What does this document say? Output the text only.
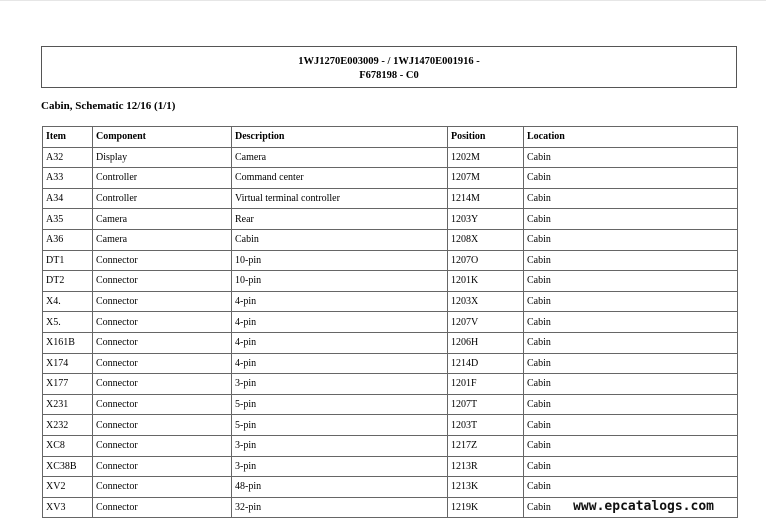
1WJ1270E003009 - / 1WJ1470E001916 -
F678198 - C0
Cabin, Schematic 12/16 (1/1)
Item	Component	Description	Position	Location
A32	Display	Camera	1202M	Cabin
A33	Controller	Command center	1207M	Cabin
A34	Controller	Virtual terminal controller	1214M	Cabin
A35	Camera	Rear	1203Y	Cabin
A36	Camera	Cabin	1208X	Cabin
DT1	Connector	10-pin	1207O	Cabin
DT2	Connector	10-pin	1201K	Cabin
X4.	Connector	4-pin	1203X	Cabin
X5.	Connector	4-pin	1207V	Cabin
X161B	Connector	4-pin	1206H	Cabin
X174	Connector	4-pin	1214D	Cabin
X177	Connector	3-pin	1201F	Cabin
X231	Connector	5-pin	1207T	Cabin
X232	Connector	5-pin	1203T	Cabin
XC8	Connector	3-pin	1217Z	Cabin
XC38B	Connector	3-pin	1213R	Cabin
XV2	Connector	48-pin	1213K	Cabin
XV3	Connector	32-pin	1219K	Cabin www.epcatalogs.com
